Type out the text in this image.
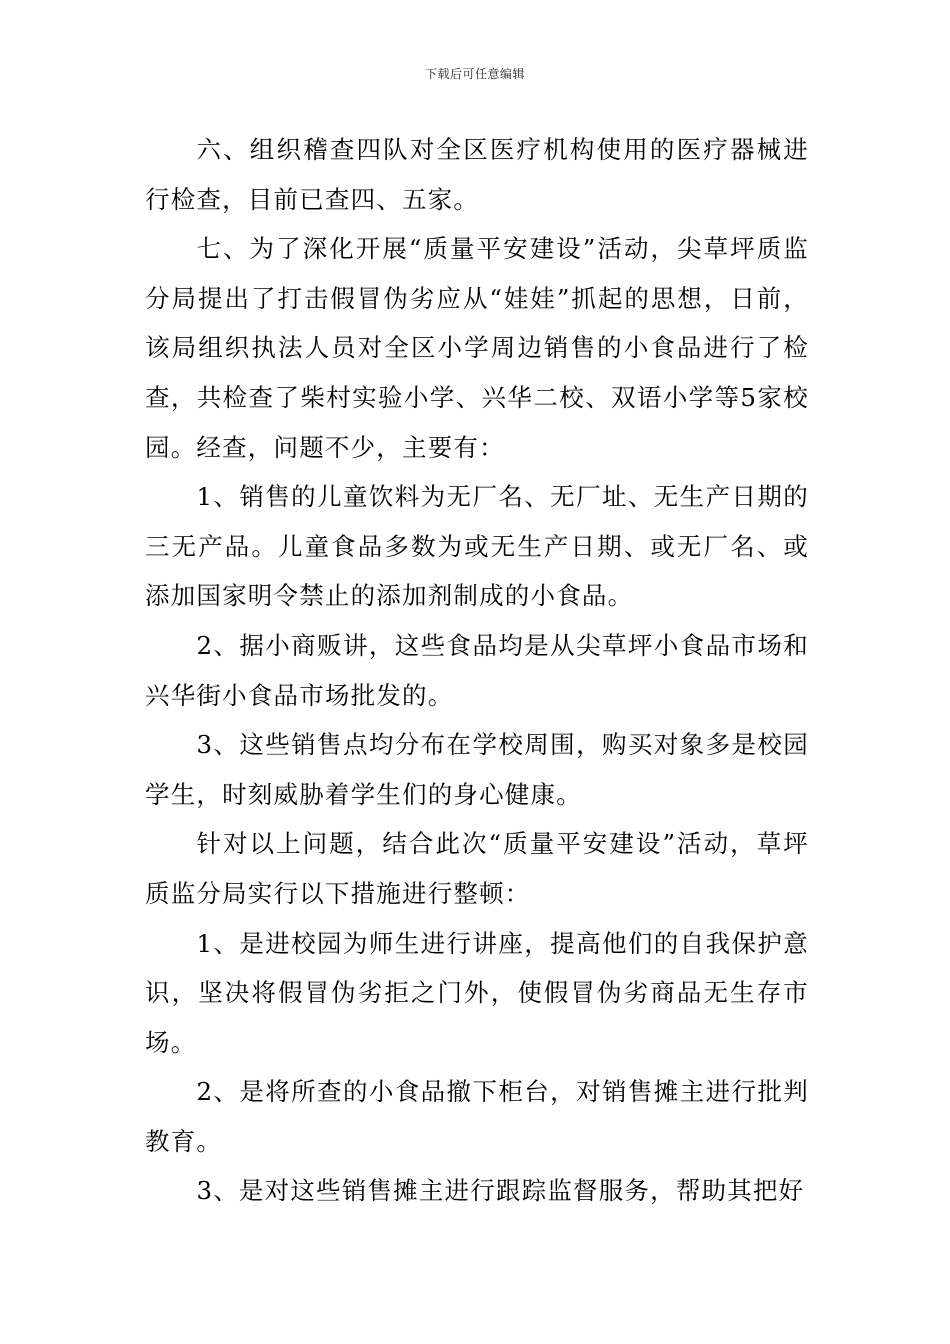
下载后可任意编辑

六、组织稽查四队对全区医疗机构使用的医疗器械进行检查，目前已查四、五家。

七、为了深化开展“质量平安建设”活动，尖草坪质监分局提出了打击假冒伪劣应从“娃娃”抓起的思想，日前，该局组织执法人员对全区小学周边销售的小食品进行了检查，共检查了柴村实验小学、兴华二校、双语小学等5家校园。经查，问题不少，主要有：

1、销售的儿童饮料为无厂名、无厂址、无生产日期的三无产品。儿童食品多数为或无生产日期、或无厂名、或添加国家明令禁止的添加剂制成的小食品。

2、据小商贩讲，这些食品均是从尖草坪小食品市场和兴华街小食品市场批发的。

3、这些销售点均分布在学校周围，购买对象多是校园学生，时刻威胁着学生们的身心健康。

针对以上问题，结合此次“质量平安建设”活动，草坪质监分局实行以下措施进行整顿：

1、是进校园为师生进行讲座，提高他们的自我保护意识，坚决将假冒伪劣拒之门外，使假冒伪劣商品无生存市场。

2、是将所查的小食品撤下柜台，对销售摊主进行批判教育。

3、是对这些销售摊主进行跟踪监督服务，帮助其把好
